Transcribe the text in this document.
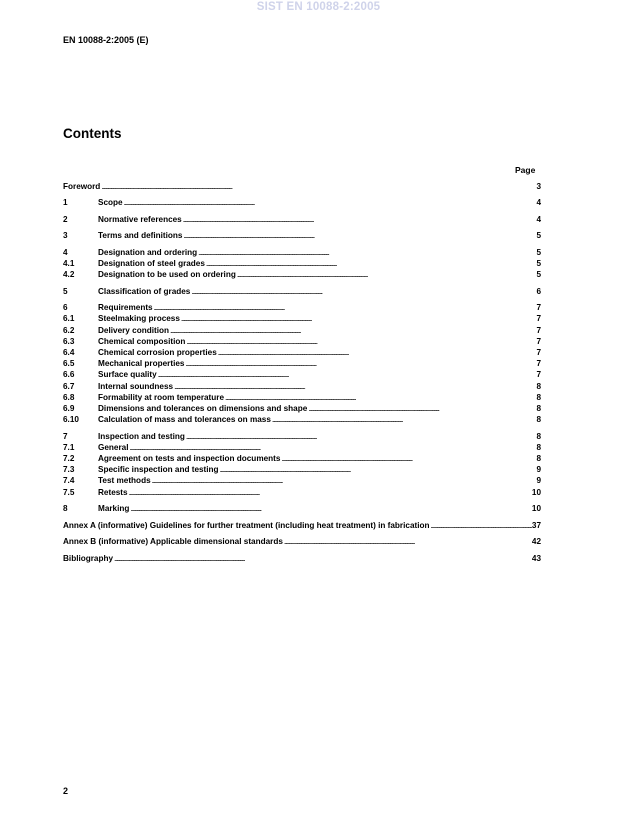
SIST EN 10088-2:2005
EN 10088-2:2005 (E)
Contents
Page
Foreword . . .	3
1	Scope . . .	4
2	Normative references . . .	4
3	Terms and definitions . . .	5
4	Designation and ordering . . .	5
4.1	Designation of steel grades . . .	5
4.2	Designation to be used on ordering . . .	5
5	Classification of grades . . .	6
6	Requirements . . .	7
6.1	Steelmaking process . . .	7
6.2	Delivery condition . . .	7
6.3	Chemical composition . . .	7
6.4	Chemical corrosion properties . . .	7
6.5	Mechanical properties . . .	7
6.6	Surface quality . . .	7
6.7	Internal soundness . . .	8
6.8	Formability at room temperature . . .	8
6.9	Dimensions and tolerances on dimensions and shape . . .	8
6.10	Calculation of mass and tolerances on mass . . .	8
7	Inspection and testing . . .	8
7.1	General . . .	8
7.2	Agreement on tests and inspection documents . . .	8
7.3	Specific inspection and testing . . .	9
7.4	Test methods . . .	9
7.5	Retests . . .	10
8	Marking . . .	10
Annex A (informative) Guidelines for further treatment (including heat treatment) in fabrication . . .	37
Annex B (informative) Applicable dimensional standards . . .	42
Bibliography . . .	43
2
